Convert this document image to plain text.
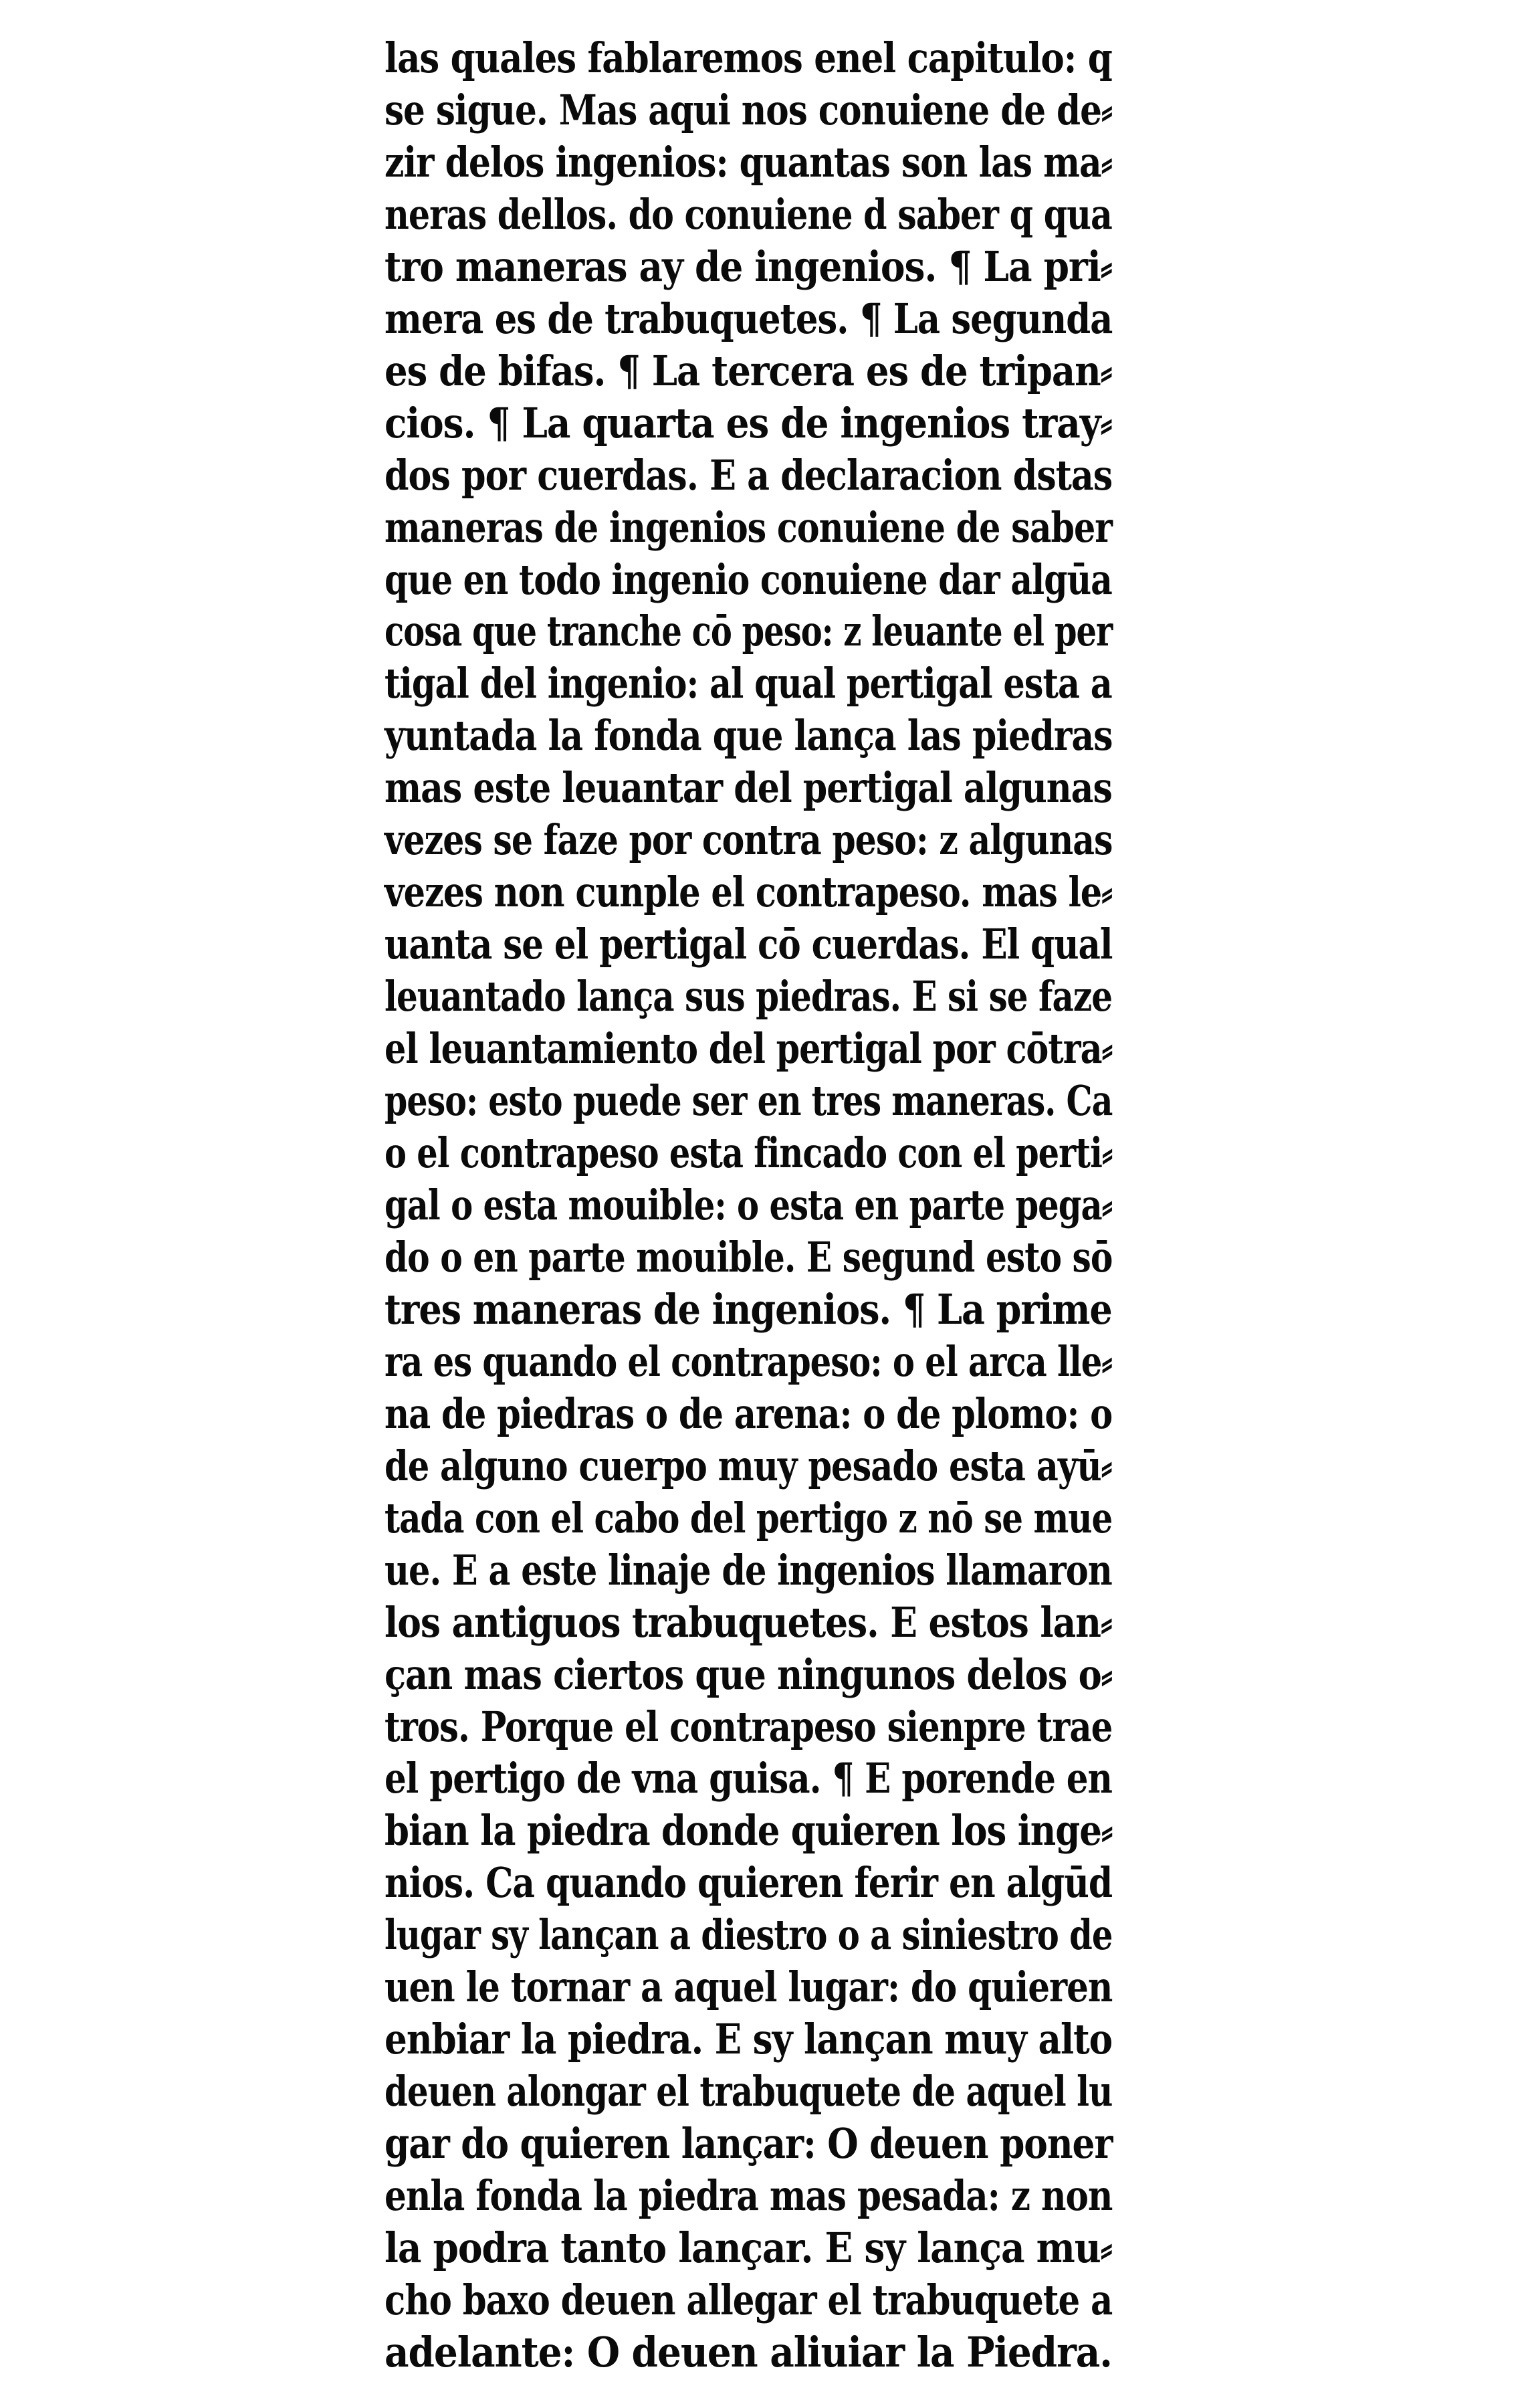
las quales fablaremos enel capitulo: q
se sigue. Mas aqui nos conuiene de de⸗
zir delos ingenios: quantas son las ma⸗
neras dellos. do conuiene d saber q qua
tro maneras ay de ingenios. ¶ La pri⸗
mera es de trabuquetes. ¶ La segunda
es de bifas. ¶ La tercera es de tripan⸗
cios. ¶ La quarta es de ingenios tray⸗
dos por cuerdas. E a declaracion dstas
maneras de ingenios conuiene de saber
que en todo ingenio conuiene dar algūa
cosa que tranche cō peso: z leuante el per
tigal del ingenio: al qual pertigal esta a
yuntada la fonda que lança las piedras
mas este leuantar del pertigal algunas
vezes se faze por contra peso: z algunas
vezes non cunple el contrapeso. mas le⸗
uanta se el pertigal cō cuerdas. El qual
leuantado lança sus piedras. E si se faze
el leuantamiento del pertigal por cōtra⸗
peso: esto puede ser en tres maneras. Ca
o el contrapeso esta fincado con el perti⸗
gal o esta mouible: o esta en parte pega⸗
do o en parte mouible. E segund esto sō
tres maneras de ingenios. ¶ La prime
ra es quando el contrapeso: o el arca lle⸗
na de piedras o de arena: o de plomo: o
de alguno cuerpo muy pesado esta ayū⸗
tada con el cabo del pertigo z nō se mue
ue. E a este linaje de ingenios llamaron
los antiguos trabuquetes. E estos lan⸗
çan mas ciertos que ningunos delos o⸗
tros. Porque el contrapeso sienpre trae
el pertigo de vna guisa. ¶ E porende en
bian la piedra donde quieren los inge⸗
nios. Ca quando quieren ferir en algūd
lugar sy lançan a diestro o a siniestro de
uen le tornar a aquel lugar: do quieren
enbiar la piedra. E sy lançan muy alto
deuen alongar el trabuquete de aquel lu
gar do quieren lançar: O deuen poner
enla fonda la piedra mas pesada: z non
la podra tanto lançar. E sy lança mu⸗
cho baxo deuen allegar el trabuquete a
adelante: O deuen aliuiar la Piedra.
